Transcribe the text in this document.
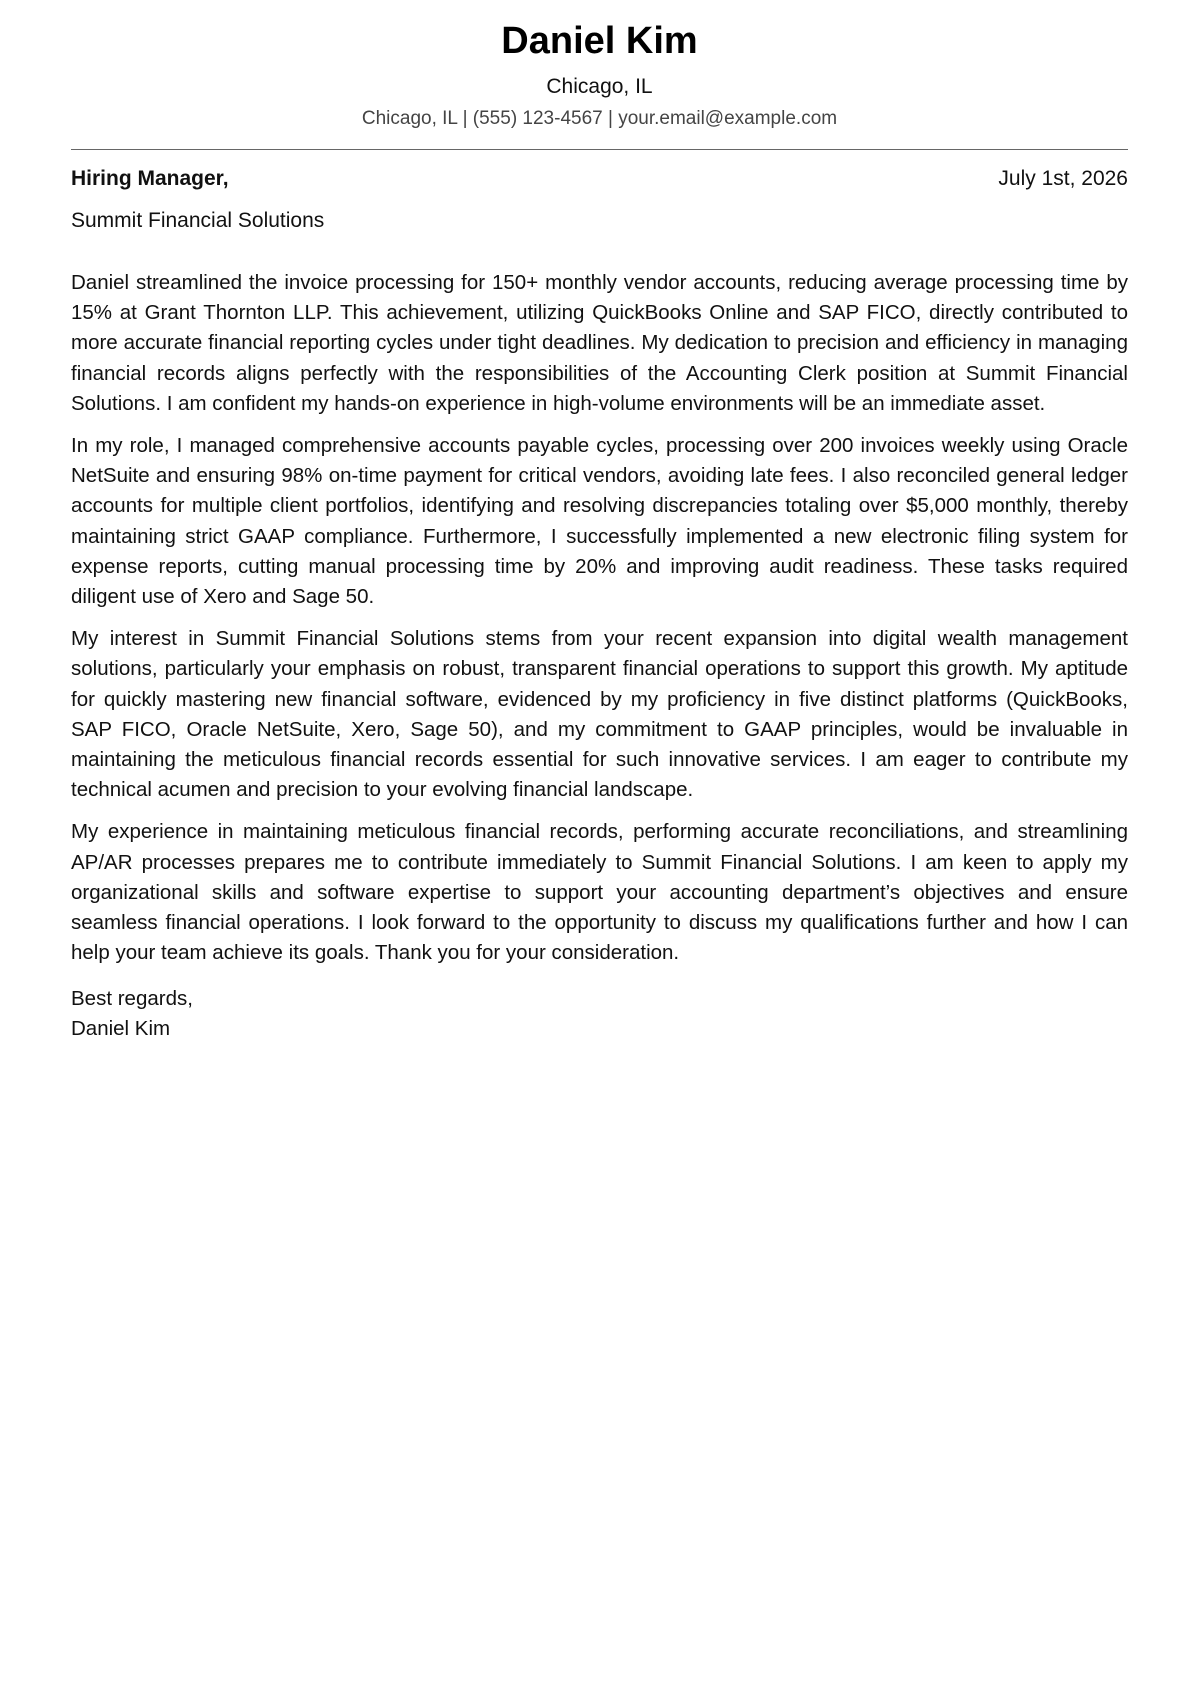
Daniel Kim
Chicago, IL
Chicago, IL | (555) 123-4567 | your.email@example.com
Hiring Manager,	July 1st, 2026
Summit Financial Solutions

Daniel streamlined the invoice processing for 150+ monthly vendor accounts, reducing average processing time by 15% at Grant Thornton LLP. This achievement, utilizing QuickBooks Online and SAP FICO, directly contributed to more accurate financial reporting cycles under tight deadlines. My dedication to precision and efficiency in managing financial records aligns perfectly with the responsibilities of the Accounting Clerk position at Summit Financial Solutions. I am confident my hands-on experience in high-volume environments will be an immediate asset.

In my role, I managed comprehensive accounts payable cycles, processing over 200 invoices weekly using Oracle NetSuite and ensuring 98% on-time payment for critical vendors, avoiding late fees. I also reconciled general ledger accounts for multiple client portfolios, identifying and resolving discrepancies totaling over $5,000 monthly, thereby maintaining strict GAAP compliance. Furthermore, I successfully implemented a new electronic filing system for expense reports, cutting manual processing time by 20% and improving audit readiness. These tasks required diligent use of Xero and Sage 50.

My interest in Summit Financial Solutions stems from your recent expansion into digital wealth management solutions, particularly your emphasis on robust, transparent financial operations to support this growth. My aptitude for quickly mastering new financial software, evidenced by my proficiency in five distinct platforms (QuickBooks, SAP FICO, Oracle NetSuite, Xero, Sage 50), and my commitment to GAAP principles, would be invaluable in maintaining the meticulous financial records essential for such innovative services. I am eager to contribute my technical acumen and precision to your evolving financial landscape.

My experience in maintaining meticulous financial records, performing accurate reconciliations, and streamlining AP/AR processes prepares me to contribute immediately to Summit Financial Solutions. I am keen to apply my organizational skills and software expertise to support your accounting department’s objectives and ensure seamless financial operations. I look forward to the opportunity to discuss my qualifications further and how I can help your team achieve its goals. Thank you for your consideration.

Best regards,
Daniel Kim
